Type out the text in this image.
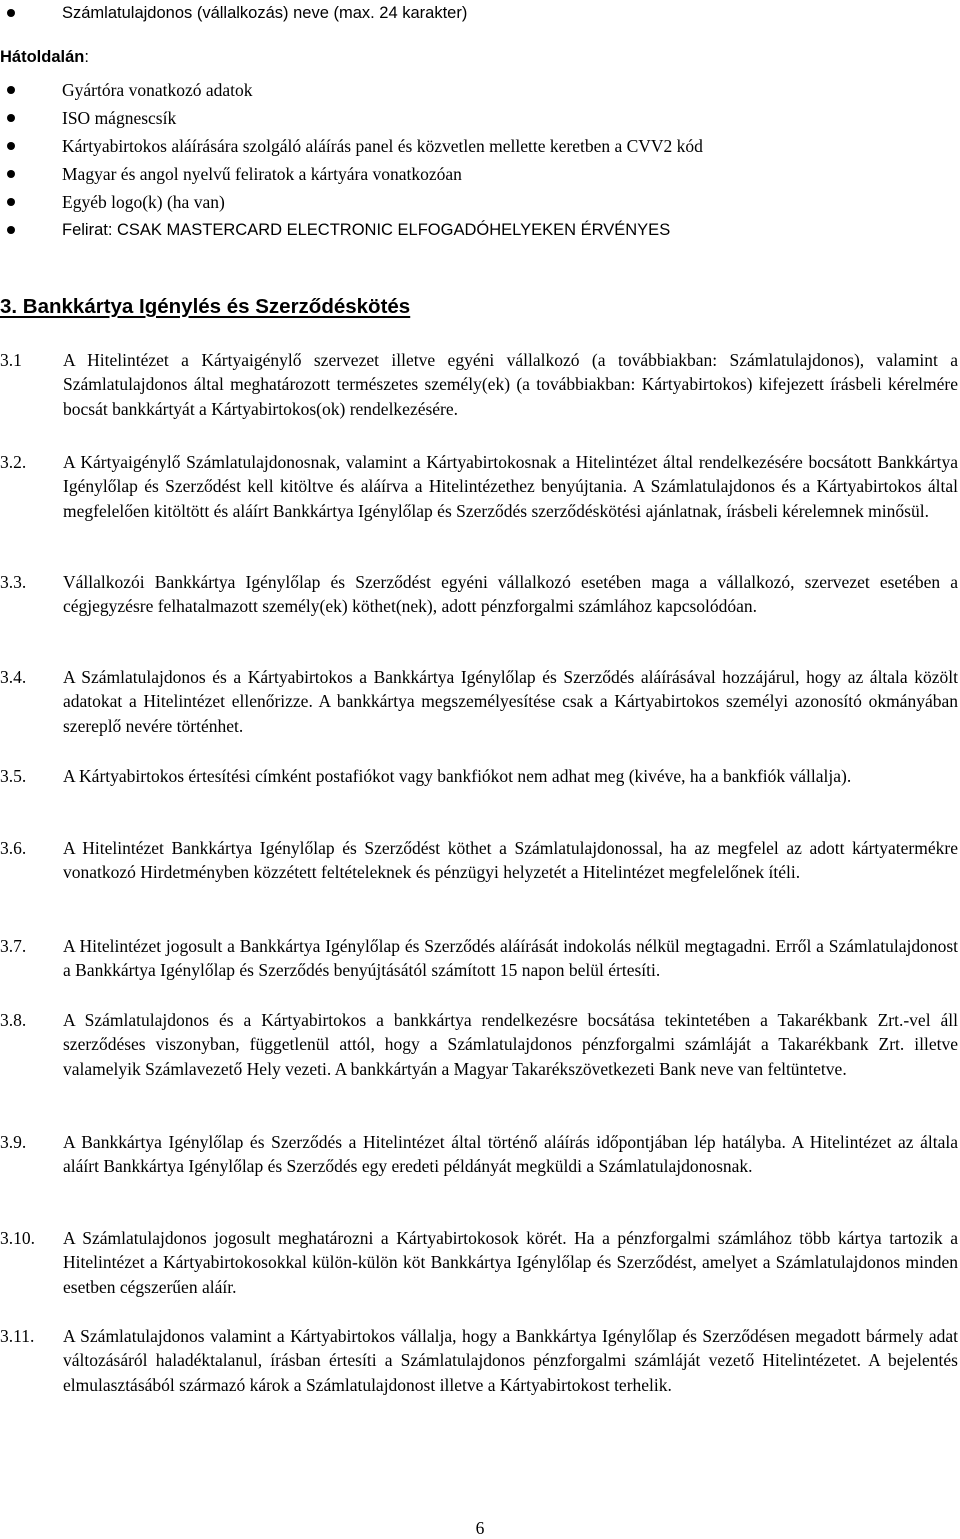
Számlatulajdonos (vállalkozás) neve (max. 24 karakter)
Hátoldalán:
Gyártóra vonatkozó adatok
ISO mágnescsík
Kártyabirtokos aláírására szolgáló aláírás panel és közvetlen mellette keretben a CVV2 kód
Magyar és angol nyelvű feliratok a kártyára vonatkozóan
Egyéb logo(k) (ha van)
Felirat: CSAK MASTERCARD ELECTRONIC ELFOGADÓHELYEKEN ÉRVÉNYES
3. Bankkártya Igénylés és Szerződéskötés
3.1 A Hitelintézet a Kártyaigénylő szervezet illetve egyéni vállalkozó (a továbbiakban: Számlatulajdonos), valamint a Számlatulajdonos által meghatározott természetes személy(ek) (a továbbiakban: Kártyabirtokos) kifejezett írásbeli kérelmére bocsát bankkártyát a Kártyabirtokos(ok) rendelkezésére.
3.2. A Kártyaigénylő Számlatulajdonosnak, valamint a Kártyabirtokosnak a Hitelintézet által rendelkezésére bocsátott Bankkártya Igénylőlap és Szerződést kell kitöltve és aláírva a Hitelintézethez benyújtania. A Számlatulajdonos és a Kártyabirtokos által megfelelően kitöltött és aláírt Bankkártya Igénylőlap és Szerződés szerződéskötési ajánlatnak, írásbeli kérelemnek minősül.
3.3. Vállalkozói Bankkártya Igénylőlap és Szerződést egyéni vállalkozó esetében maga a vállalkozó, szervezet esetében a cégjegyzésre felhatalmazott személy(ek) köthet(nek), adott pénzforgalmi számlához kapcsolódóan.
3.4. A Számlatulajdonos és a Kártyabirtokos a Bankkártya Igénylőlap és Szerződés aláírásával hozzájárul, hogy az általa közölt adatokat a Hitelintézet ellenőrizze. A bankkártya megszemélyesítése csak a Kártyabirtokos személyi azonosító okmányában szereplő nevére történhet.
3.5. A Kártyabirtokos értesítési címként postafiókot vagy bankfiókot nem adhat meg (kivéve, ha a bankfiók vállalja).
3.6. A Hitelintézet Bankkártya Igénylőlap és Szerződést köthet a Számlatulajdonossal, ha az megfelel az adott kártyatermékre vonatkozó Hirdetményben közzétett feltételeknek és pénzügyi helyzetét a Hitelintézet megfelelőnek ítéli.
3.7. A Hitelintézet jogosult a Bankkártya Igénylőlap és Szerződés aláírását indokolás nélkül megtagadni. Erről a Számlatulajdonost a Bankkártya Igénylőlap és Szerződés benyújtásától számított 15 napon belül értesíti.
3.8. A Számlatulajdonos és a Kártyabirtokos a bankkártya rendelkezésre bocsátása tekintetében a Takarékbank Zrt.-vel áll szerződéses viszonyban, függetlenül attól, hogy a Számlatulajdonos pénzforgalmi számláját a Takarékbank Zrt. illetve valamelyik Számlavezető Hely vezeti. A bankkártyán a Magyar Takarékszövetkezeti Bank neve van feltüntetve.
3.9. A Bankkártya Igénylőlap és Szerződés a Hitelintézet által történő aláírás időpontjában lép hatályba. A Hitelintézet az általa aláírt Bankkártya Igénylőlap és Szerződés egy eredeti példányát megküldi a Számlatulajdonosnak.
3.10. A Számlatulajdonos jogosult meghatározni a Kártyabirtokosok körét. Ha a pénzforgalmi számlához több kártya tartozik a Hitelintézet a Kártyabirtokosokkal külön-külön köt Bankkártya Igénylőlap és Szerződést, amelyet a Számlatulajdonos minden esetben cégszerűen aláír.
3.11. A Számlatulajdonos valamint a Kártyabirtokos vállalja, hogy a Bankkártya Igénylőlap és Szerződésen megadott bármely adat változásáról haladéktalanul, írásban értesíti a Számlatulajdonos pénzforgalmi számláját vezető Hitelintézetet. A bejelentés elmulasztásából származó károk a Számlatulajdonost illetve a Kártyabirtokost terhelik.
6
